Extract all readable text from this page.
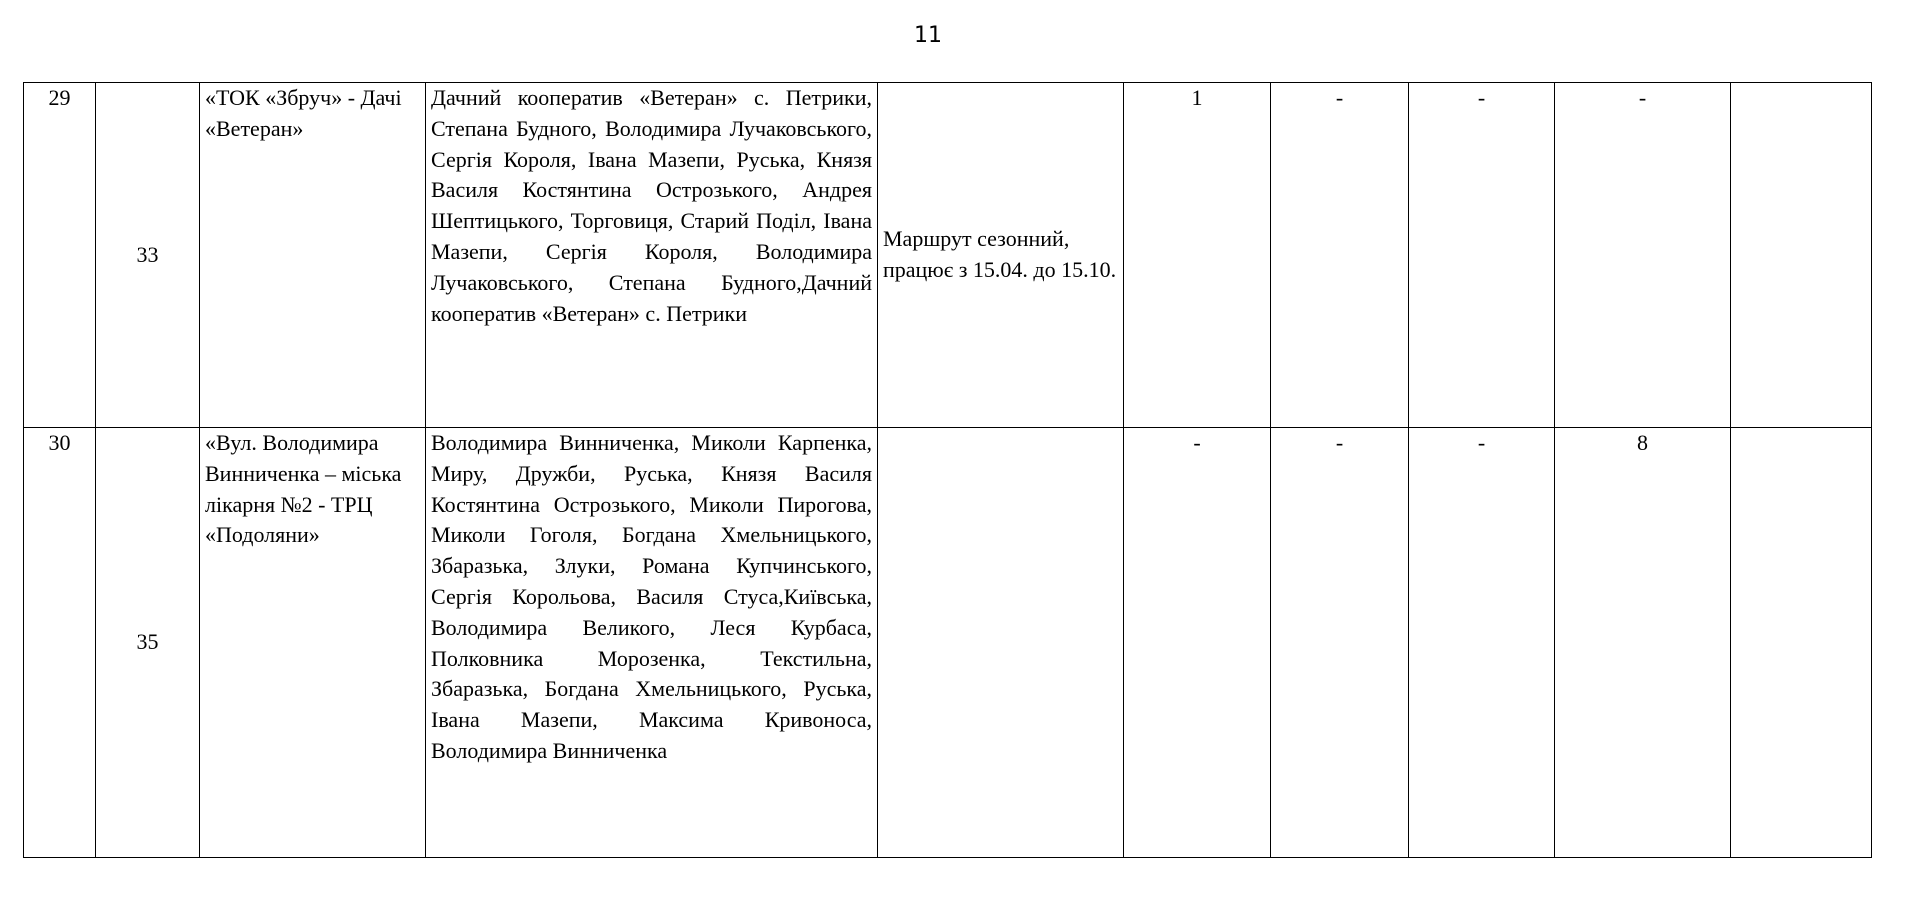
11
29	33	«ТОК «Збруч» - Дачі «Ветеран»	Дачний кооператив «Ветеран» с. Петрики, Степана Будного, Володимира Лучаковського, Сергія Короля, Івана Мазепи, Руська, Князя Василя Костянтина Острозького, Андрея Шептицького, Торговиця, Старий Поділ, Івана Мазепи, Сергія Короля, Володимира Лучаковського, Степана Будного,Дачний кооператив «Ветеран» с. Петрики	Маршрут сезонний, працює з 15.04. до 15.10.	1	-	-	-	
30	35	«Вул. Володимира Винниченка – міська лікарня №2 - ТРЦ «Подоляни»	Володимира Винниченка, Миколи Карпенка, Миру, Дружби, Руська, Князя Василя Костянтина Острозького, Миколи Пирогова, Миколи Гоголя, Богдана Хмельницького, Збаразька, Злуки, Романа Купчинського, Сергія Корольова, Василя Стуса,Київська, Володимира Великого, Леся Курбаса, Полковника Морозенка, Текстильна, Збаразька, Богдана Хмельницького, Руська, Івана Мазепи, Максима Кривоноса, Володимира Винниченка		-	-	-	8	
